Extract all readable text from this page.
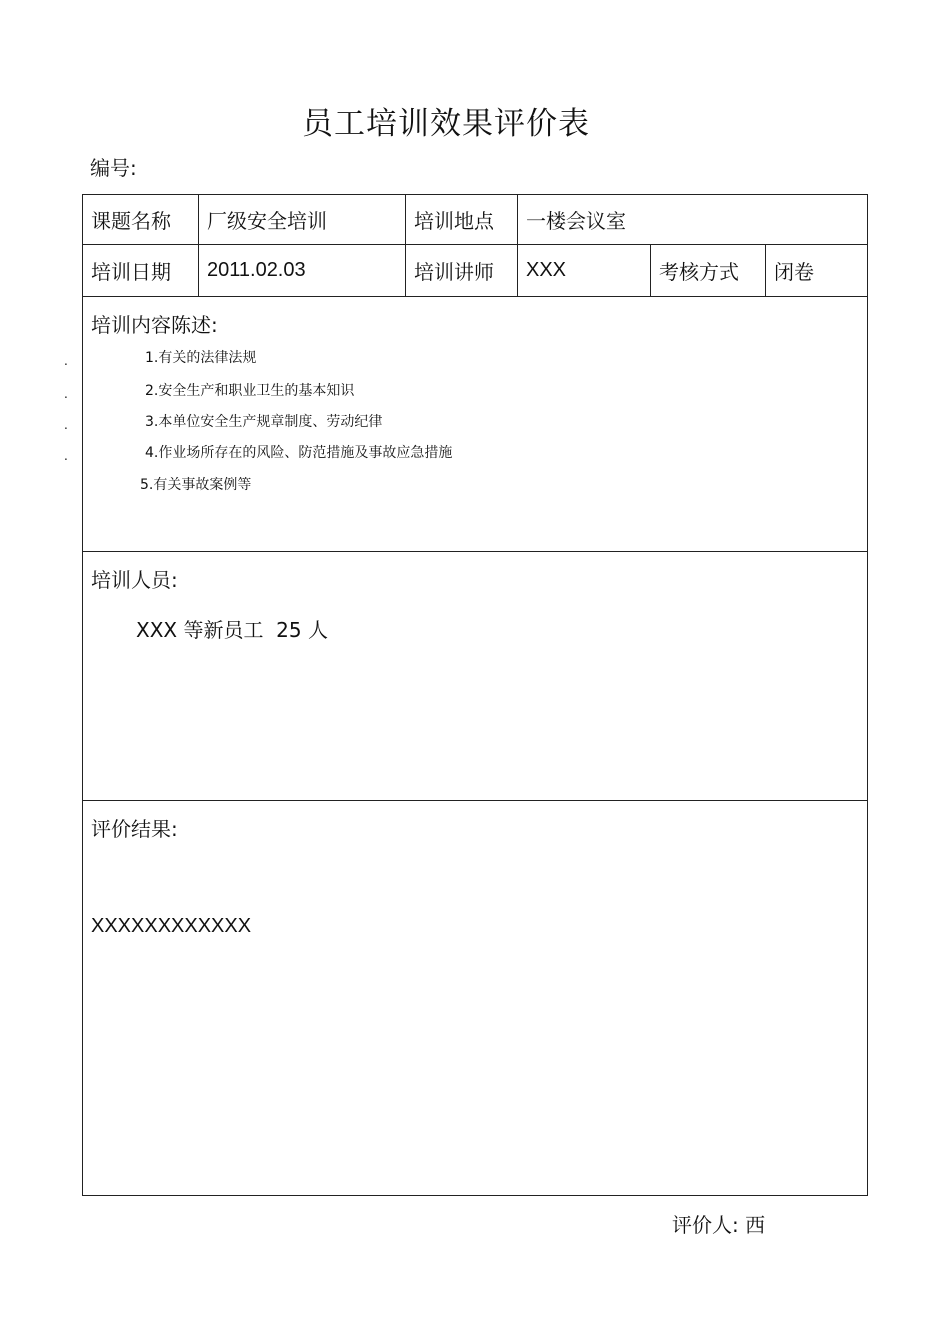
员工培训效果评价表
编号:
课题名称	厂级安全培训	培训地点	一楼会议室
培训日期	2011.02.03	培训讲师	XXX	考核方式	闭卷
培训内容陈述:
1.有关的法律法规
2.安全生产和职业卫生的基本知识
3.本单位安全生产规章制度、劳动纪律
4.作业场所存在的风险、防范措施及事故应急措施
5.有关事故案例等
培训人员:
XXX 等新员工  25 人
评价结果:
XXXXXXXXXXXX
.
.
.
.
评价人: 西
